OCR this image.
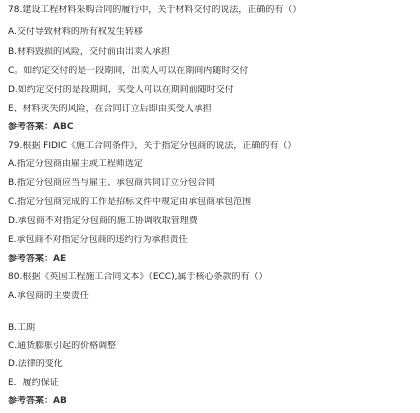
78.建设工程材料采购合同的履行中，关于材料交付的说法，正确的有（）
A.交付导致材料的所有权发生转移
B.材料毁损的风险，交付前由出卖人承担
C。如约定交付的是一段期间，出卖人可以在期间内随时交付
D.如约定交付的是段期间，买受人可以在期间前随时交付
E、材料灭失的风险，在合同订立后即由买受人承担
参考答案：ABC
79.根据 FIDIC《施工合同条件》，关于指定分包商的说法，正确的有（）
A.指定分包商由雇主或工程师选定
B.指定分包商应当与雇主、承包商共同订立分包合同
C.指定分包商完成的工作是招标文件中规定由承包商承包范围
D.承包商不对指定分包商的施工协调收取管理费
E.承包商不对指定分包商的违约行为承担责任
参考答案：AE
80.根据《英国工程施工合同文本》（ECC),属于核心条款的有（）
A.承包商的主要责任
B.工期
C.通货膨胀引起的价格调整
D.法律的变化
E．履约保证
参考答案：AB
